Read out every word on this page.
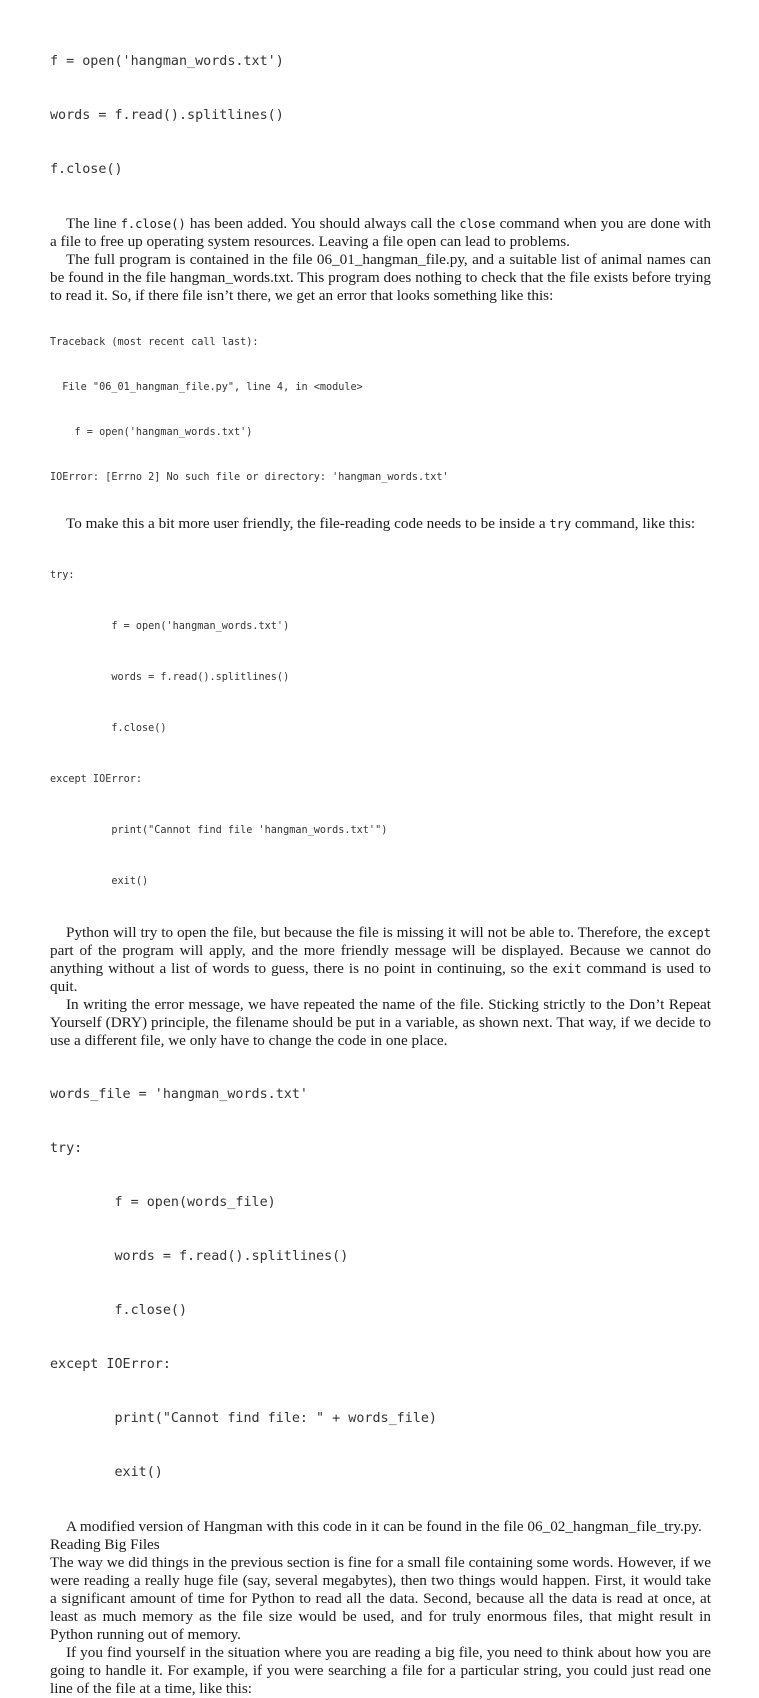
f = open('hangman_words.txt')

words = f.read().splitlines()

f.close()

The line f.close() has been added. You should always call the close command when you are done with a file to free up operating system resources. Leaving a file open can lead to problems.
The full program is contained in the file 06_01_hangman_file.py, and a suitable list of animal names can be found in the file hangman_words.txt. This program does nothing to check that the file exists before trying to read it. So, if there file isn’t there, we get an error that looks something like this:

Traceback (most recent call last):

File "06_01_hangman_file.py", line 4, in <module>

f = open('hangman_words.txt')

IOError: [Errno 2] No such file or directory: 'hangman_words.txt'

To make this a bit more user friendly, the file-reading code needs to be inside a try command, like this:

try:

f = open('hangman_words.txt')

words = f.read().splitlines()

f.close()

except IOError:

print("Cannot find file 'hangman_words.txt'")

exit()

Python will try to open the file, but because the file is missing it will not be able to. Therefore, the except part of the program will apply, and the more friendly message will be displayed. Because we cannot do anything without a list of words to guess, there is no point in continuing, so the exit command is used to quit.
In writing the error message, we have repeated the name of the file. Sticking strictly to the Don’t Repeat Yourself (DRY) principle, the filename should be put in a variable, as shown next. That way, if we decide to use a different file, we only have to change the code in one place.

words_file = 'hangman_words.txt'

try:

f = open(words_file)

words = f.read().splitlines()

f.close()

except IOError:

print("Cannot find file: " + words_file)

exit()

A modified version of Hangman with this code in it can be found in the file 06_02_hangman_file_try.py.
Reading Big Files
The way we did things in the previous section is fine for a small file containing some words. However, if we were reading a really huge file (say, several megabytes), then two things would happen. First, it would take a significant amount of time for Python to read all the data. Second, because all the data is read at once, at least as much memory as the file size would be used, and for truly enormous files, that might result in Python running out of memory.
If you find yourself in the situation where you are reading a big file, you need to think about how you are going to handle it. For example, if you were searching a file for a particular string, you could just read one line of the file at a time, like this:
